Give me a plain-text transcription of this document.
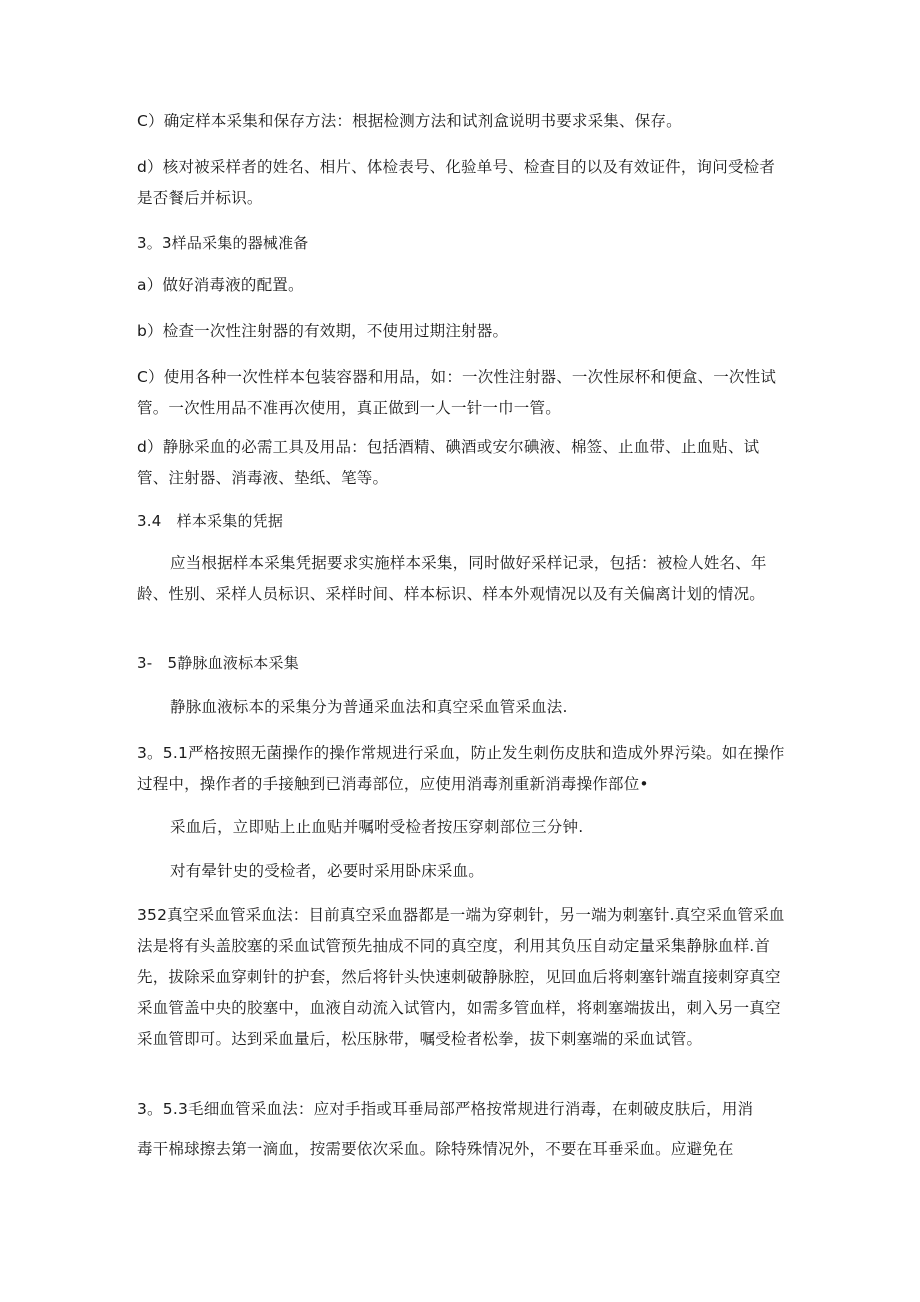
C）确定样本采集和保存方法：根据检测方法和试剂盒说明书要求采集、保存。

d）核对被采样者的姓名、相片、体检表号、化验单号、检查目的以及有效证件，询问受检者是否餐后并标识。

3。3样品采集的器械准备

a）做好消毒液的配置。

b）检查一次性注射器的有效期，不使用过期注射器。

C）使用各种一次性样本包装容器和用品，如：一次性注射器、一次性尿杯和便盒、一次性试管。一次性用品不准再次使用，真正做到一人一针一巾一管。

d）静脉采血的必需工具及用品：包括酒精、碘酒或安尔碘液、棉签、止血带、止血贴、试管、注射器、消毒液、垫纸、笔等。

3.4　样本采集的凭据

应当根据样本采集凭据要求实施样本采集，同时做好采样记录，包括：被检人姓名、年龄、性别、采样人员标识、采样时间、样本标识、样本外观情况以及有关偏离计划的情况。

3-　5静脉血液标本采集

静脉血液标本的采集分为普通采血法和真空采血管采血法.

3。5.1严格按照无菌操作的操作常规进行采血，防止发生刺伤皮肤和造成外界污染。如在操作过程中，操作者的手接触到已消毒部位，应使用消毒剂重新消毒操作部位•

采血后，立即贴上止血贴并嘱咐受检者按压穿刺部位三分钟.

对有晕针史的受检者，必要时采用卧床采血。

352真空采血管采血法：目前真空采血器都是一端为穿刺针，另一端为刺塞针.真空采血管采血法是将有头盖胶塞的采血试管预先抽成不同的真空度，利用其负压自动定量采集静脉血样.首先，拔除采血穿刺针的护套，然后将针头快速刺破静脉腔，见回血后将刺塞针端直接刺穿真空采血管盖中央的胶塞中，血液自动流入试管内，如需多管血样，将刺塞端拔出，刺入另一真空采血管即可。达到采血量后，松压脉带，嘱受检者松拳，拔下刺塞端的采血试管。

3。5.3毛细血管采血法：应对手指或耳垂局部严格按常规进行消毒，在刺破皮肤后，用消

毒干棉球擦去第一滴血，按需要依次采血。除特殊情况外，不要在耳垂采血。应避免在
